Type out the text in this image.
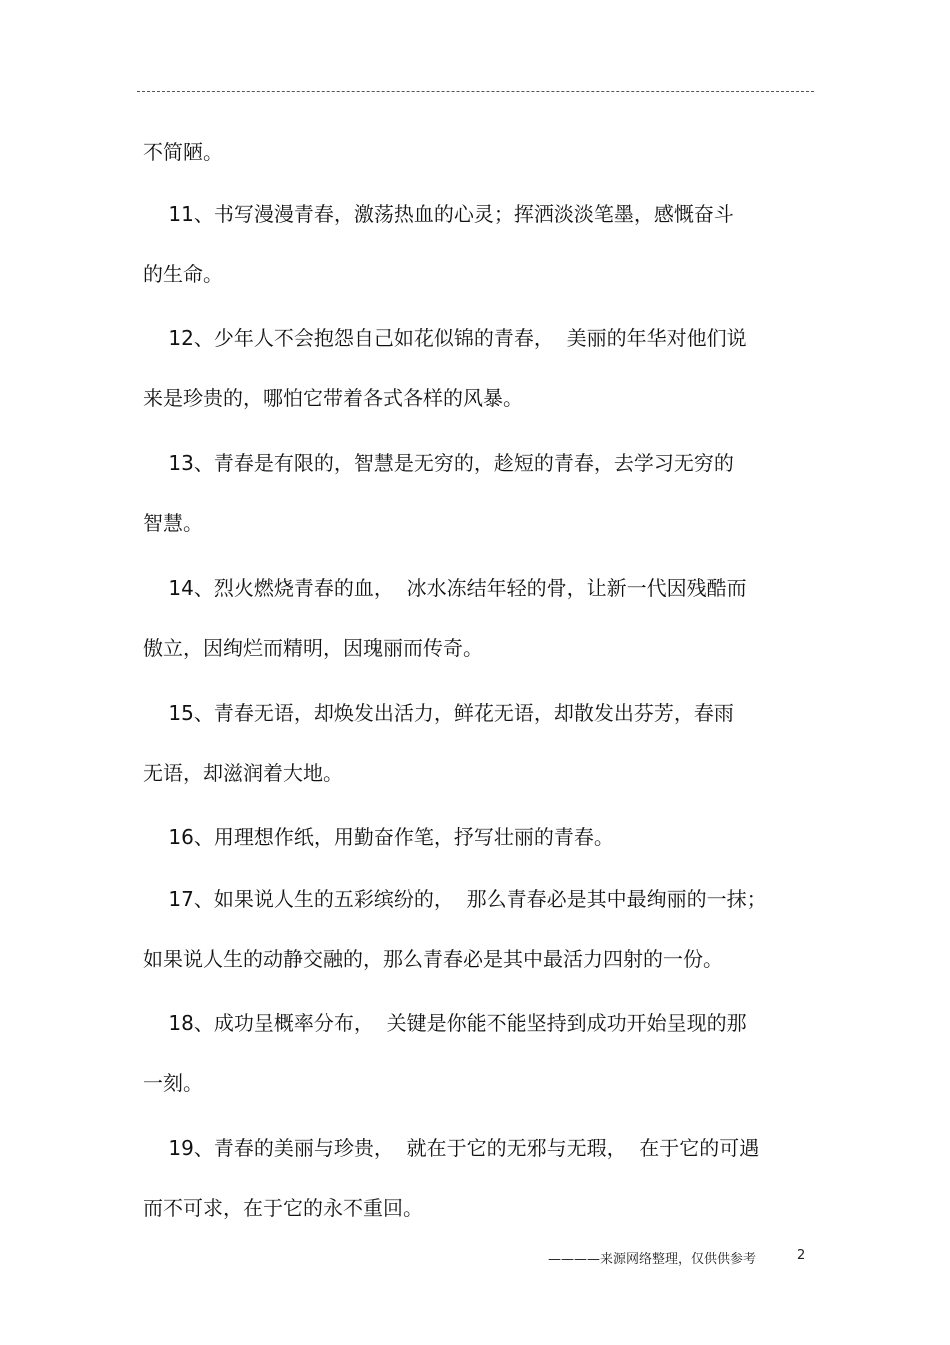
不简陋。
11、书写漫漫青春，激荡热血的心灵；挥洒淡淡笔墨，感慨奋斗
的生命。
12、少年人不会抱怨自己如花似锦的青春，  美丽的年华对他们说
来是珍贵的，哪怕它带着各式各样的风暴。
13、青春是有限的，智慧是无穷的，趁短的青春，去学习无穷的
智慧。
14、烈火燃烧青春的血，  冰水冻结年轻的骨，让新一代因残酷而
傲立，因绚烂而精明，因瑰丽而传奇。
15、青春无语，却焕发出活力，鲜花无语，却散发出芬芳，春雨
无语，却滋润着大地。
16、用理想作纸，用勤奋作笔，抒写壮丽的青春。
17、如果说人生的五彩缤纷的，  那么青春必是其中最绚丽的一抹；
如果说人生的动静交融的，那么青春必是其中最活力四射的一份。
18、成功呈概率分布，  关键是你能不能坚持到成功开始呈现的那
一刻。
19、青春的美丽与珍贵，  就在于它的无邪与无瑕，  在于它的可遇
而不可求，在于它的永不重回。
————来源网络整理，仅供供参考	2
